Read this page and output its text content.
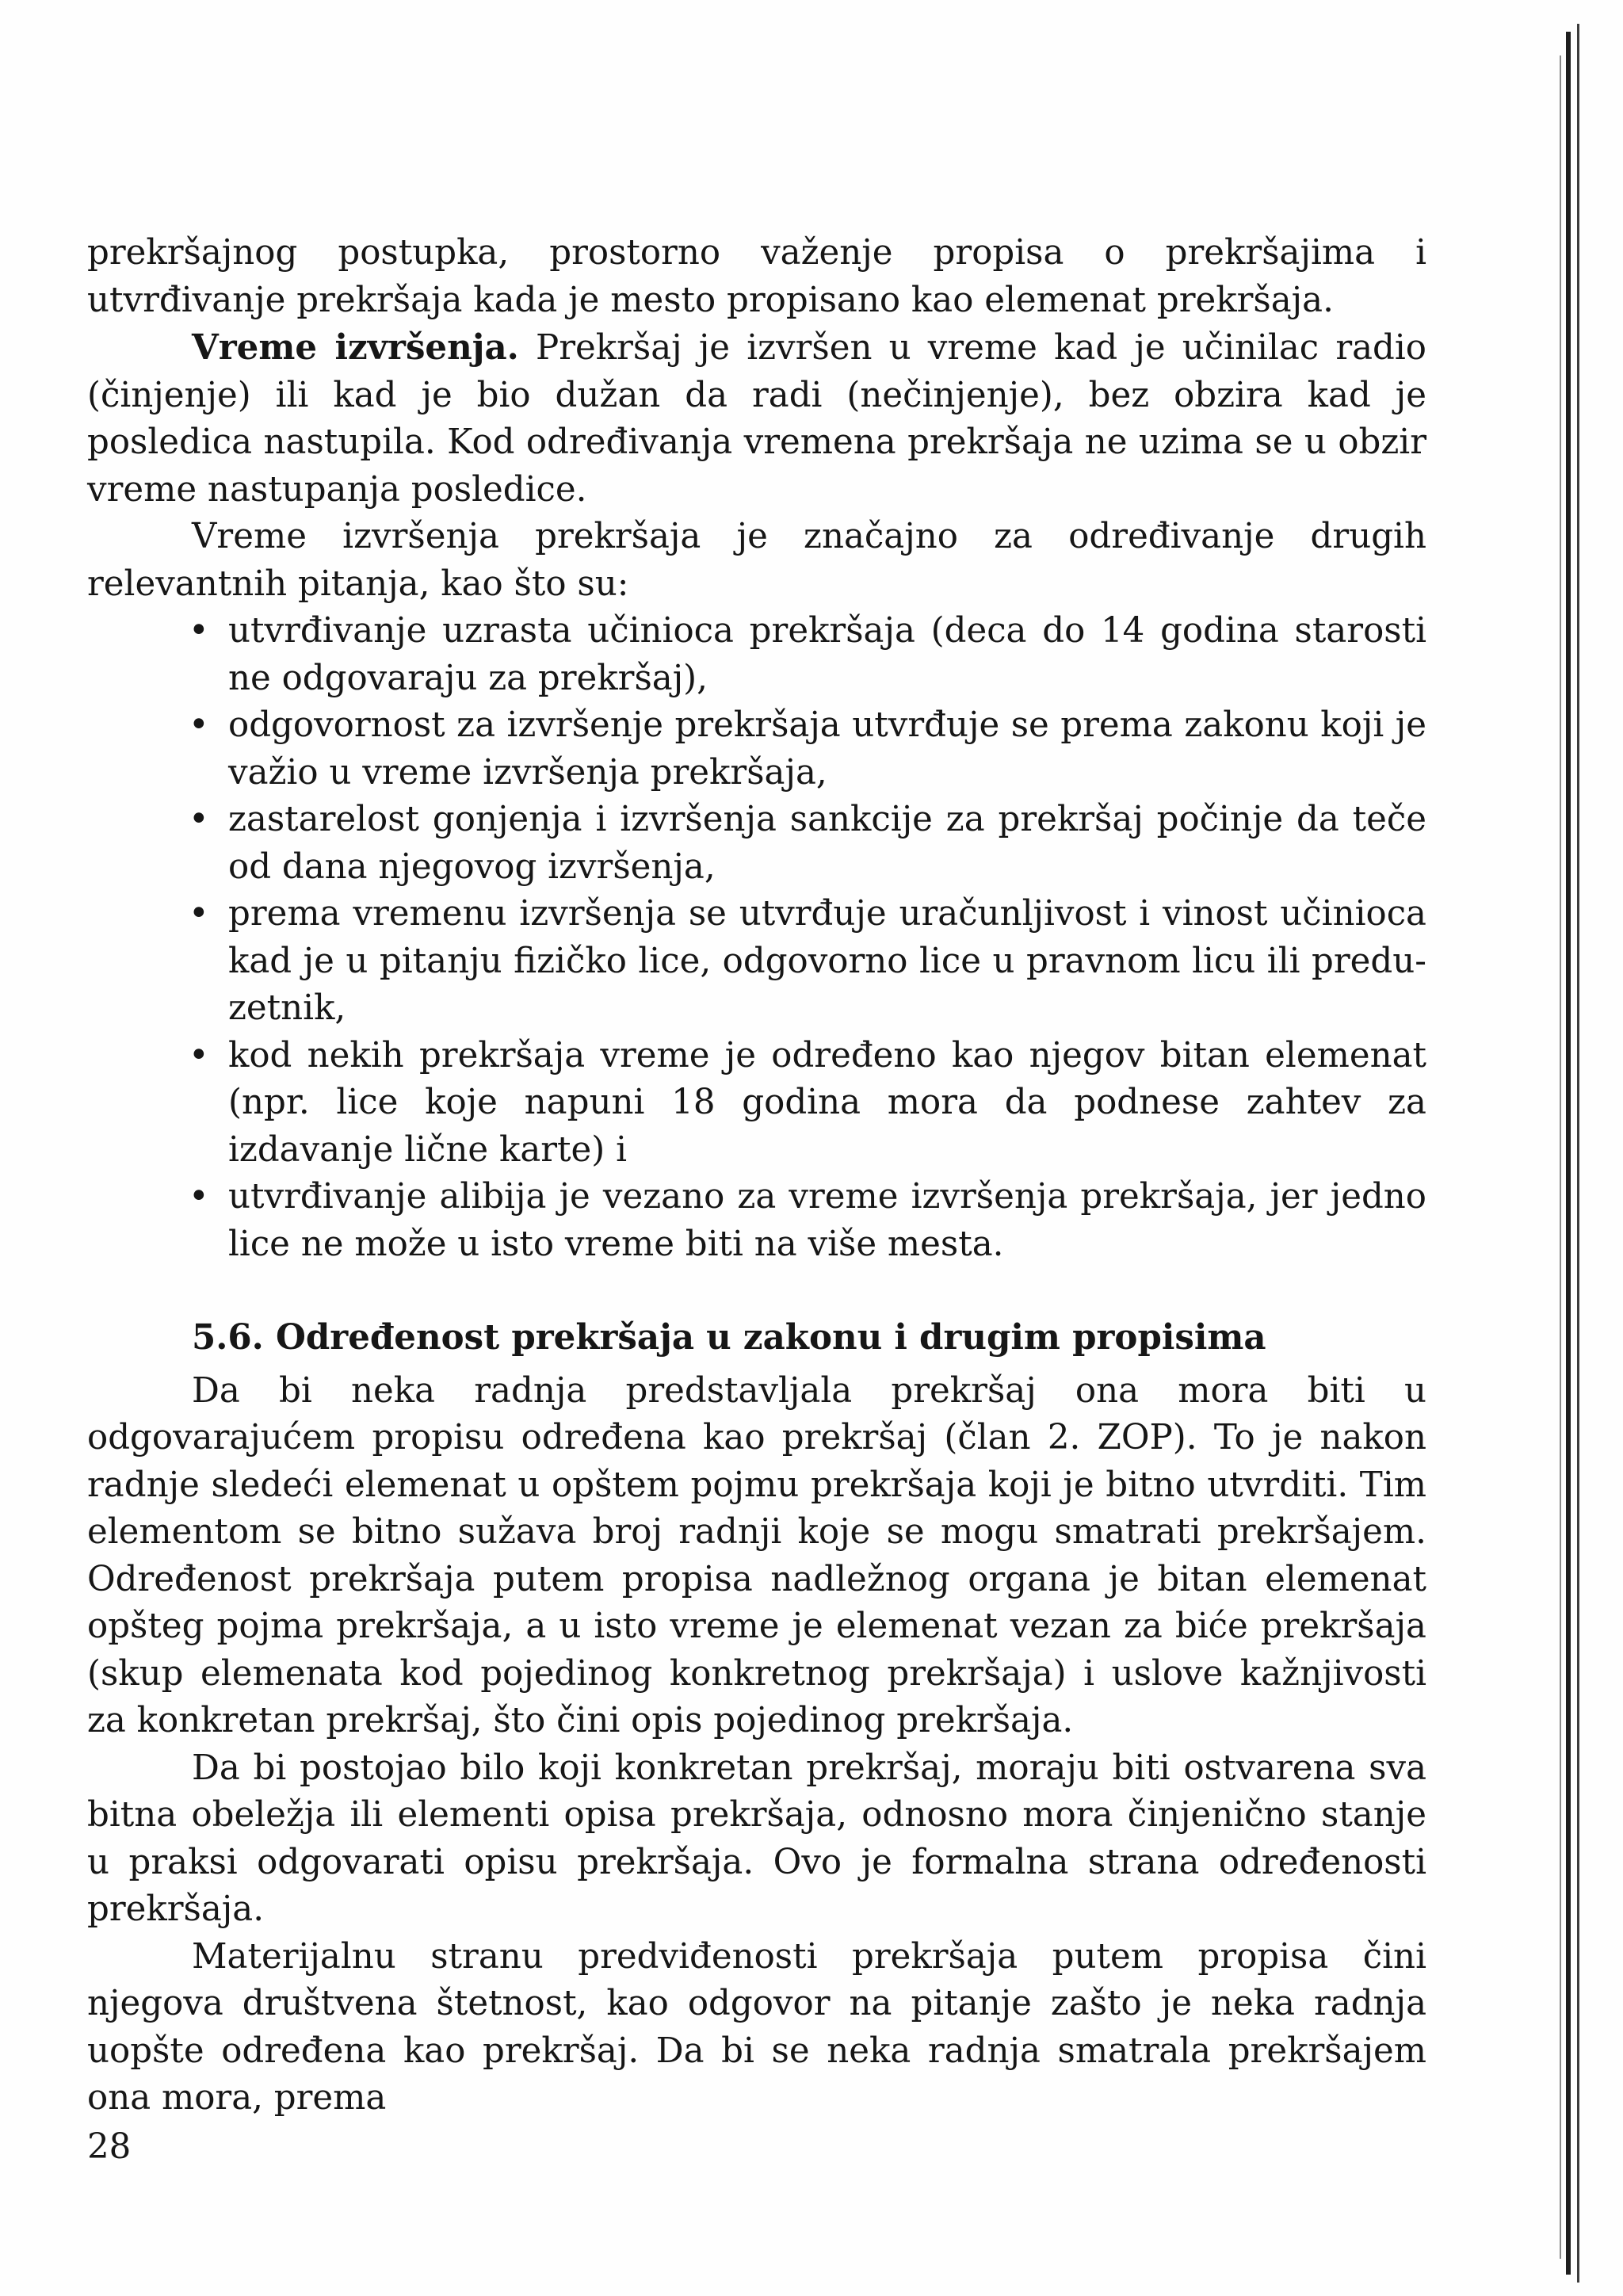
prekršajnog postupka, prostorno važenje propisa o prekršajima i utvrđivanje prekršaja kada je mesto propisano kao elemenat prekršaja.

Vreme izvršenja. Prekršaj je izvršen u vreme kad je učinilac radio (činjenje) ili kad je bio dužan da radi (nečinjenje), bez obzira kad je posledica nastupila. Kod određivanja vremena prekršaja ne uzima se u obzir vreme nastupanja posledice.

Vreme izvršenja prekršaja je značajno za određivanje drugih relevantnih pitanja, kao što su:

• utvrđivanje uzrasta učinioca prekršaja (deca do 14 godina starosti ne odgovaraju za prekršaj),
• odgovornost za izvršenje prekršaja utvrđuje se prema zakonu koji je važio u vreme izvršenja prekršaja,
• zastarelost gonjenja i izvršenja sankcije za prekršaj počinje da teče od dana njegovog izvršenja,
• prema vremenu izvršenja se utvrđuje uračunljivost i vinost učinioca kad je u pitanju fizičko lice, odgovorno lice u pravnom licu ili preduzetnik,
• kod nekih prekršaja vreme je određeno kao njegov bitan elemenat (npr. lice koje napuni 18 godina mora da podnese zahtev za izdavanje lične karte) i
• utvrđivanje alibija je vezano za vreme izvršenja prekršaja, jer jedno lice ne može u isto vreme biti na više mesta.
5.6. Određenost prekršaja u zakonu i drugim propisima

Da bi neka radnja predstavljala prekršaj ona mora biti u odgovarajućem propisu određena kao prekršaj (član 2. ZOP). To je nakon radnje sledeći elemenat u opštem pojmu prekršaja koji je bitno utvrditi. Tim elementom se bitno sužava broj radnji koje se mogu smatrati prekršajem. Određenost prekršaja putem propisa nadležnog organa je bitan elemenat opšteg pojma prekršaja, a u isto vreme je elemenat vezan za biće prekršaja (skup elemenata kod pojedinog konkretnog prekršaja) i uslove kažnjivosti za konkretan prekršaj, što čini opis pojedinog prekršaja.

Da bi postojao bilo koji konkretan prekršaj, moraju biti ostvarena sva bitna obeležja ili elementi opisa prekršaja, odnosno mora činjenično stanje u praksi odgovarati opisu prekršaja. Ovo je formalna strana određenosti prekršaja.

Materijalnu stranu predviđenosti prekršaja putem propisa čini njegova društvena štetnost, kao odgovor na pitanje zašto je neka radnja uopšte određena kao prekršaj. Da bi se neka radnja smatrala prekršajem ona mora, prema

28
